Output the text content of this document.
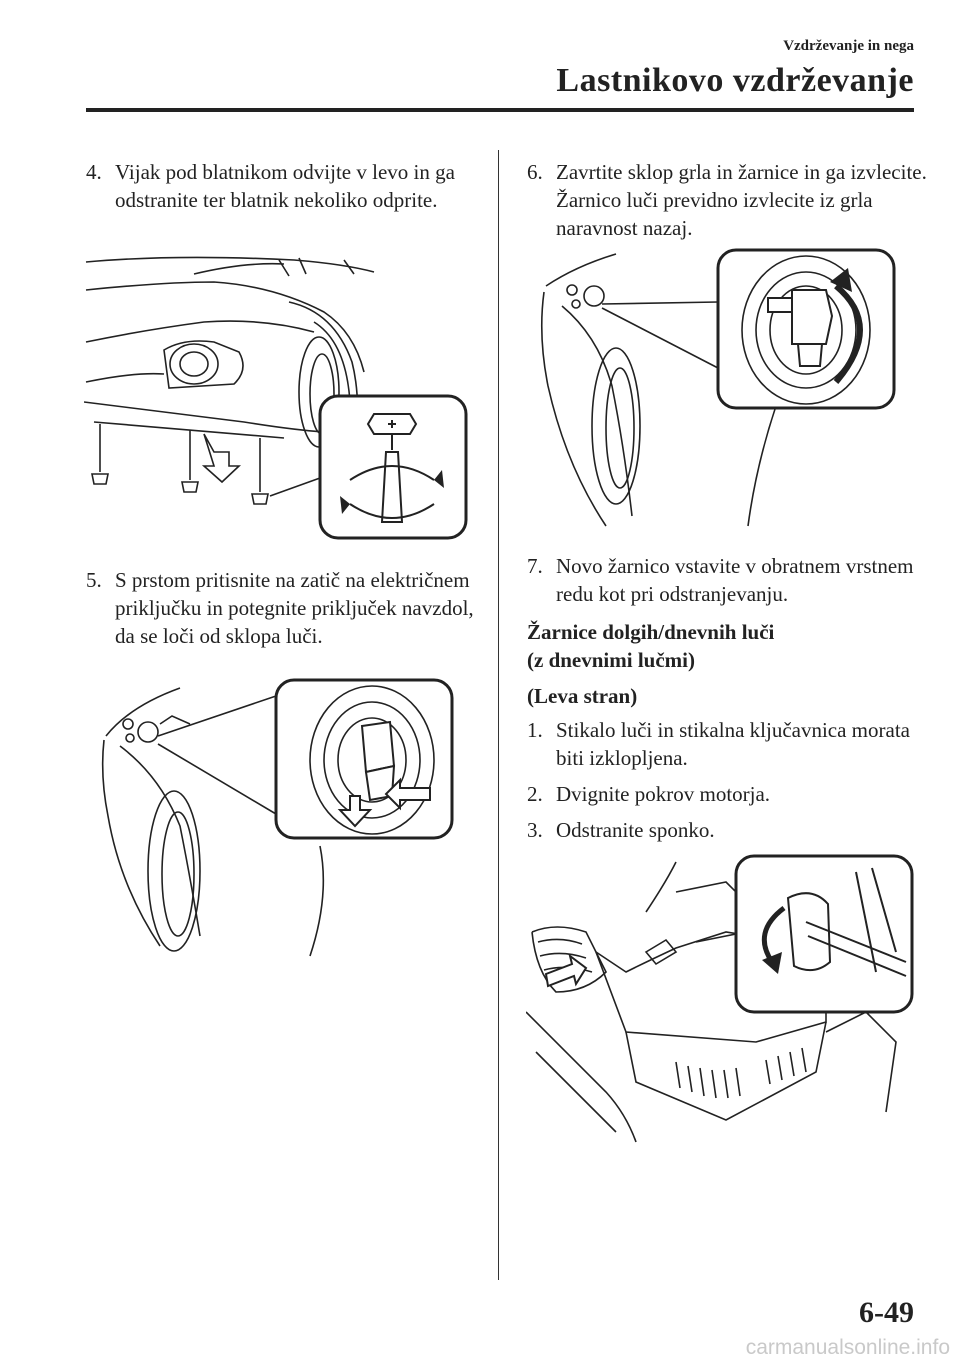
Vzdrževanje in nega
Lastnikovo vzdrževanje
4. Vijak pod blatnikom odvijte v levo in ga odstranite ter blatnik nekoliko odprite.
5. S prstom pritisnite na zatič na električnem priključku in potegnite priključek navzdol, da se loči od sklopa luči.
6. Zavrtite sklop grla in žarnice in ga izvlecite. Žarnico luči previdno izvlecite iz grla naravnost nazaj.
7. Novo žarnico vstavite v obratnem vrstnem redu kot pri odstranjevanju.
Žarnice dolgih/dnevnih luči
(z dnevnimi lučmi)
(Leva stran)
1. Stikalo luči in stikalna ključavnica morata biti izklopljena.
2. Dvignite pokrov motorja.
3. Odstranite sponko.
6-49
carmanualsonline.info
